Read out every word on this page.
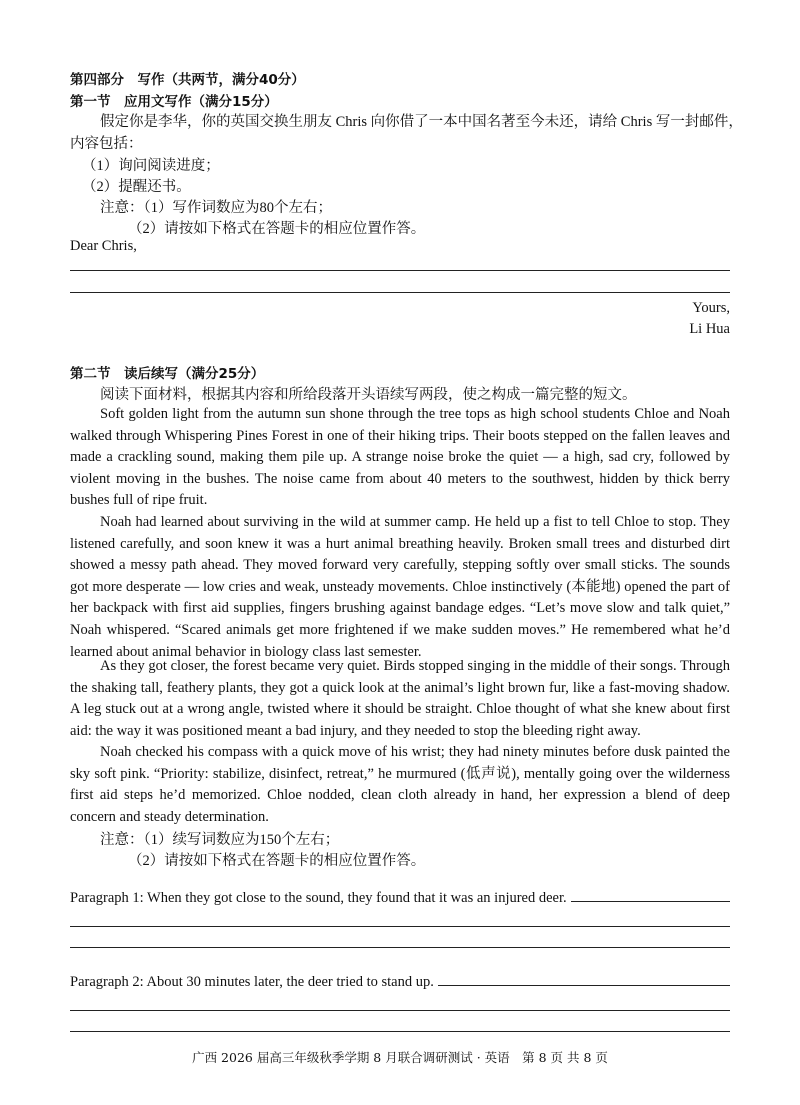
第四部分　写作（共两节，满分40分）
第一节　应用文写作（满分15分）
假定你是李华，你的英国交换生朋友 Chris 向你借了一本中国名著至今未还，请给 Chris 写一封邮件，
内容包括：
（1）询问阅读进度；
（2）提醒还书。
注意：（1）写作词数应为80个左右；
（2）请按如下格式在答题卡的相应位置作答。
Dear Chris,
Yours,
Li Hua
第二节　读后续写（满分25分）
阅读下面材料，根据其内容和所给段落开头语续写两段，使之构成一篇完整的短文。

Soft golden light from the autumn sun shone through the tree tops as high school students Chloe and Noah walked through Whispering Pines Forest in one of their hiking trips. Their boots stepped on the fallen leaves and made a crackling sound, making them pile up. A strange noise broke the quiet — a high, sad cry, followed by violent moving in the bushes. The noise came from about 40 meters to the southwest, hidden by thick berry bushes full of ripe fruit.

Noah had learned about surviving in the wild at summer camp. He held up a fist to tell Chloe to stop. They listened carefully, and soon knew it was a hurt animal breathing heavily. Broken small trees and disturbed dirt showed a messy path ahead. They moved forward very carefully, stepping softly over small sticks. The sounds got more desperate — low cries and weak, unsteady movements. Chloe instinctively (本能地) opened the part of her backpack with first aid supplies, fingers brushing against bandage edges. “Let’s move slow and talk quiet,” Noah whispered. “Scared animals get more frightened if we make sudden moves.” He remembered what he’d learned about animal behavior in biology class last semester.

As they got closer, the forest became very quiet. Birds stopped singing in the middle of their songs. Through the shaking tall, feathery plants, they got a quick look at the animal’s light brown fur, like a fast-moving shadow. A leg stuck out at a wrong angle, twisted where it should be straight. Chloe thought of what she knew about first aid: the way it was positioned meant a bad injury, and they needed to stop the bleeding right away.

Noah checked his compass with a quick move of his wrist; they had ninety minutes before dusk painted the sky soft pink. “Priority: stabilize, disinfect, retreat,” he murmured (低声说), mentally going over the wilderness first aid steps he’d memorized. Chloe nodded, clean cloth already in hand, her expression a blend of deep concern and steady determination.

注意：（1）续写词数应为150个左右；
（2）请按如下格式在答题卡的相应位置作答。
Paragraph 1: When they got close to the sound, they found that it was an injured deer.
Paragraph 2: About 30 minutes later, the deer tried to stand up.
广西 2026 届高三年级秋季学期 8 月联合调研测试 · 英语　第 8 页 共 8 页
